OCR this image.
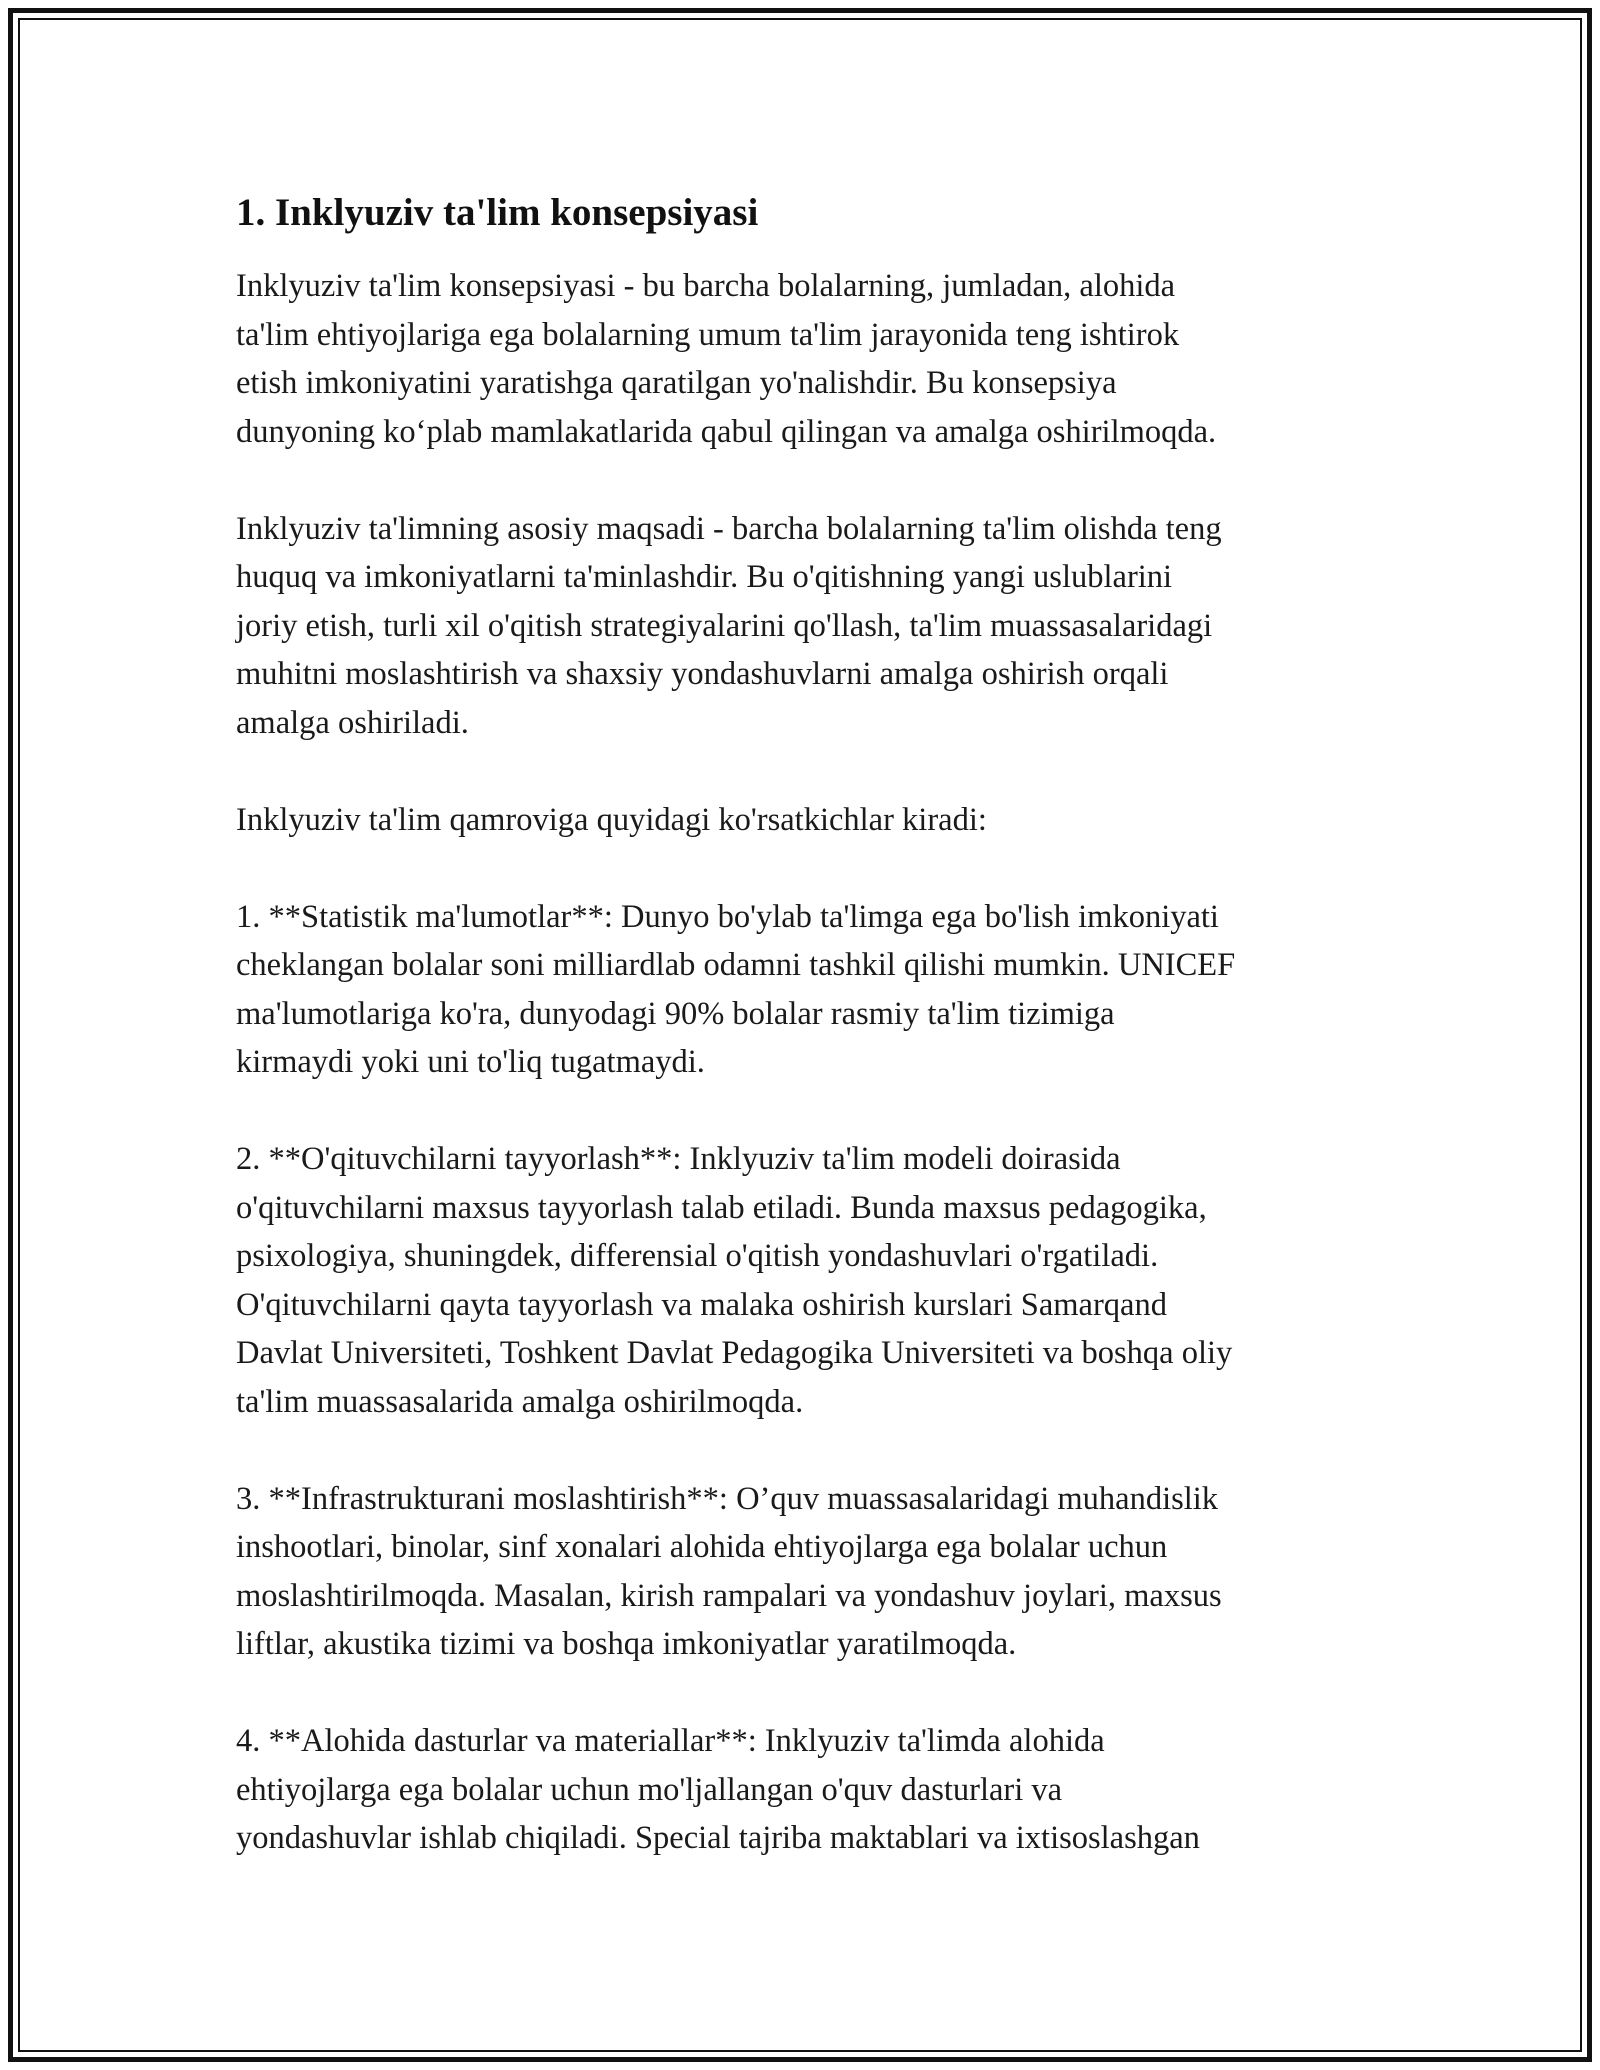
1. Inklyuziv ta'lim konsepsiyasi

Inklyuziv ta'lim konsepsiyasi - bu barcha bolalarning, jumladan, alohida
ta'lim ehtiyojlariga ega bolalarning umum ta'lim jarayonida teng ishtirok
etish imkoniyatini yaratishga qaratilgan yo'nalishdir. Bu konsepsiya
dunyoning ko‘plab mamlakatlarida qabul qilingan va amalga oshirilmoqda.

Inklyuziv ta'limning asosiy maqsadi - barcha bolalarning ta'lim olishda teng
huquq va imkoniyatlarni ta'minlashdir. Bu o'qitishning yangi uslublarini
joriy etish, turli xil o'qitish strategiyalarini qo'llash, ta'lim muassasalaridagi
muhitni moslashtirish va shaxsiy yondashuvlarni amalga oshirish orqali
amalga oshiriladi.

Inklyuziv ta'lim qamroviga quyidagi ko'rsatkichlar kiradi:

1. **Statistik ma'lumotlar**: Dunyo bo'ylab ta'limga ega bo'lish imkoniyati
cheklangan bolalar soni milliardlab odamni tashkil qilishi mumkin. UNICEF
ma'lumotlariga ko'ra, dunyodagi 90% bolalar rasmiy ta'lim tizimiga
kirmaydi yoki uni to'liq tugatmaydi.

2. **O'qituvchilarni tayyorlash**: Inklyuziv ta'lim modeli doirasida
o'qituvchilarni maxsus tayyorlash talab etiladi. Bunda maxsus pedagogika,
psixologiya, shuningdek, differensial o'qitish yondashuvlari o'rgatiladi.
O'qituvchilarni qayta tayyorlash va malaka oshirish kurslari Samarqand
Davlat Universiteti, Toshkent Davlat Pedagogika Universiteti va boshqa oliy
ta'lim muassasalarida amalga oshirilmoqda.

3. **Infrastrukturani moslashtirish**: O’quv muassasalaridagi muhandislik
inshootlari, binolar, sinf xonalari alohida ehtiyojlarga ega bolalar uchun
moslashtirilmoqda. Masalan, kirish rampalari va yondashuv joylari, maxsus
liftlar, akustika tizimi va boshqa imkoniyatlar yaratilmoqda.

4. **Alohida dasturlar va materiallar**: Inklyuziv ta'limda alohida
ehtiyojlarga ega bolalar uchun mo'ljallangan o'quv dasturlari va
yondashuvlar ishlab chiqiladi. Special tajriba maktablari va ixtisoslashgan
